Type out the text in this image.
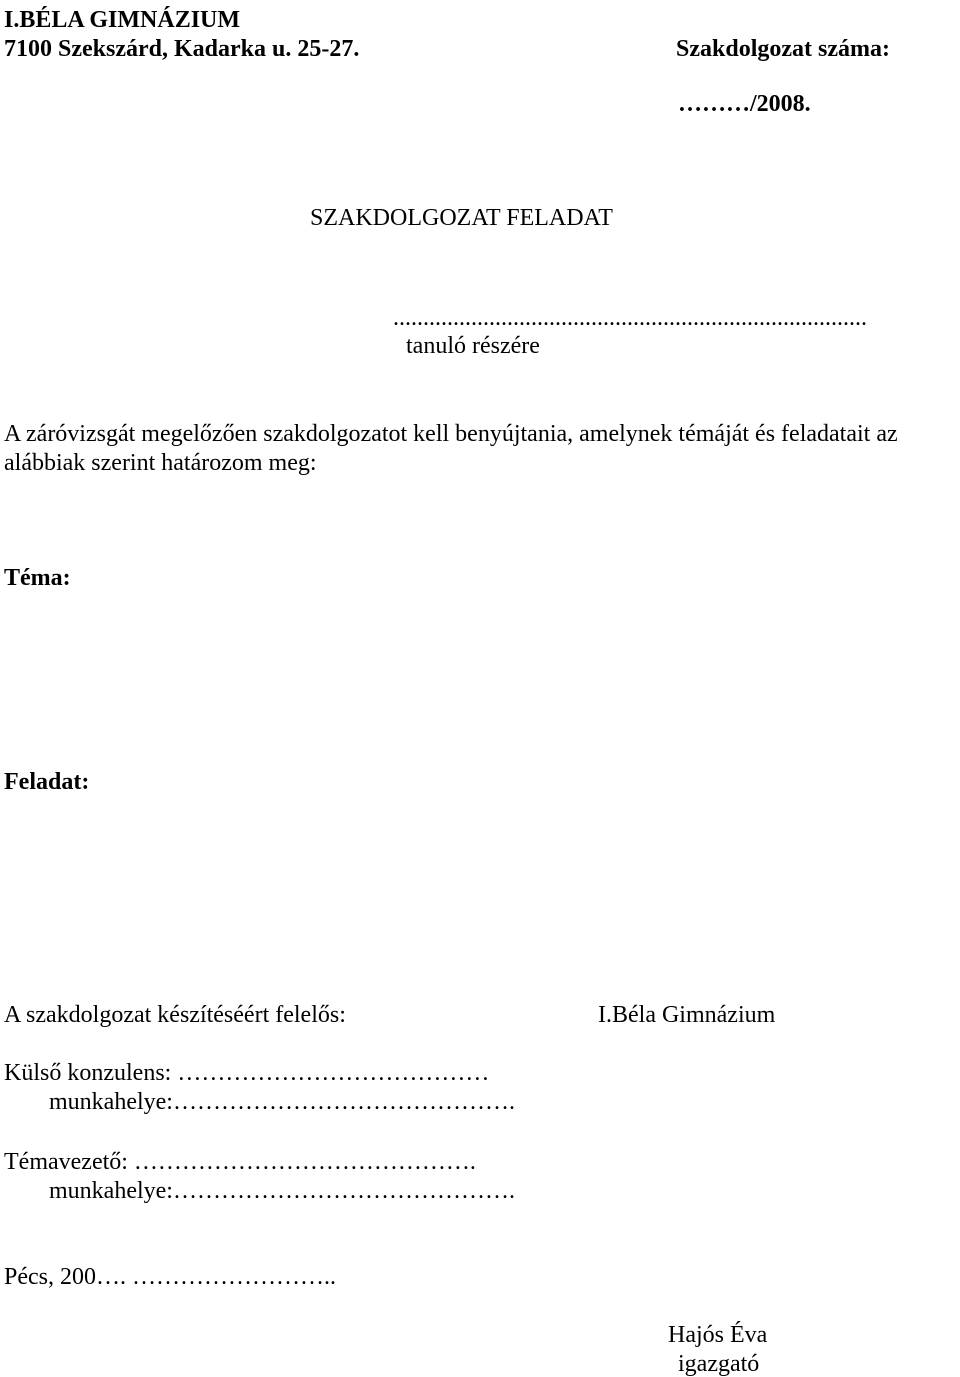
I.BÉLA GIMNÁZIUM
7100 Szekszárd, Kadarka u. 25-27.	Szakdolgozat száma:
………/2008.
SZAKDOLGOZAT FELADAT
...............................................................................
tanuló részére
A záróvizsgát megelőzően szakdolgozatot kell benyújtania, amelynek témáját és feladatait az
alábbiak szerint határozom meg:
Téma:
Feladat:
A szakdolgozat készítéséért felelős:	I.Béla Gimnázium
Külső konzulens: …………………………………
munkahelye:…………………………………….
Témavezető: …………………………………….
munkahelye:…………………………………….
Pécs, 200…. ……………………..
Hajós Éva
igazgató
